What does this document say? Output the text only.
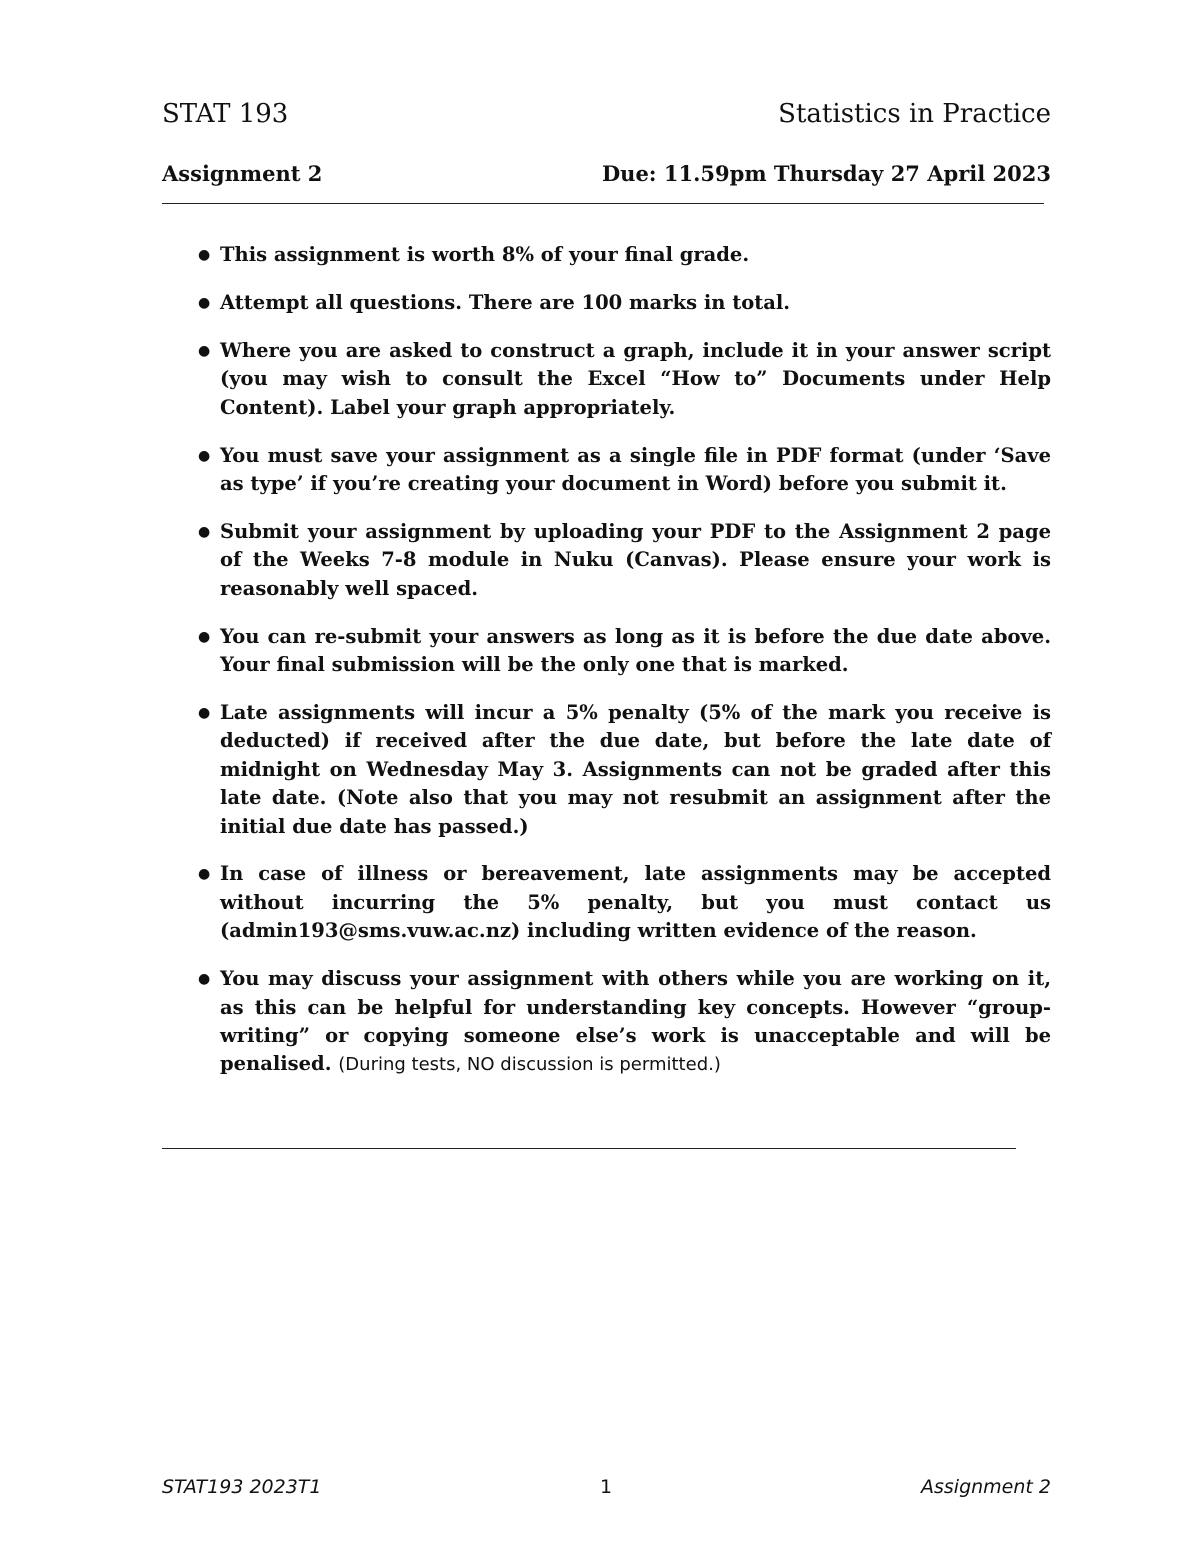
STAT 193	Statistics in Practice
Assignment 2	Due: 11.59pm Thursday 27 April 2023
● This assignment is worth 8% of your final grade.
● Attempt all questions. There are 100 marks in total.
● Where you are asked to construct a graph, include it in your answer script (you may wish to consult the Excel “How to” Documents under Help Content). Label your graph appropriately.
● You must save your assignment as a single file in PDF format (under ‘Save as type’ if you’re creating your document in Word) before you submit it.
● Submit your assignment by uploading your PDF to the Assignment 2 page of the Weeks 7-8 module in Nuku (Canvas). Please ensure your work is reasonably well spaced.
● You can re-submit your answers as long as it is before the due date above. Your final submission will be the only one that is marked.
● Late assignments will incur a 5% penalty (5% of the mark you receive is deducted) if received after the due date, but before the late date of midnight on Wednesday May 3. Assignments can not be graded after this late date. (Note also that you may not resubmit an assignment after the initial due date has passed.)
● In case of illness or bereavement, late assignments may be accepted without incurring the 5% penalty, but you must contact us (admin193@sms.vuw.ac.nz) including written evidence of the reason.
● You may discuss your assignment with others while you are working on it, as this can be helpful for understanding key concepts. However “group-writing” or copying someone else’s work is unacceptable and will be penalised. (During tests, NO discussion is permitted.)
STAT193 2023T1	1	Assignment 2
